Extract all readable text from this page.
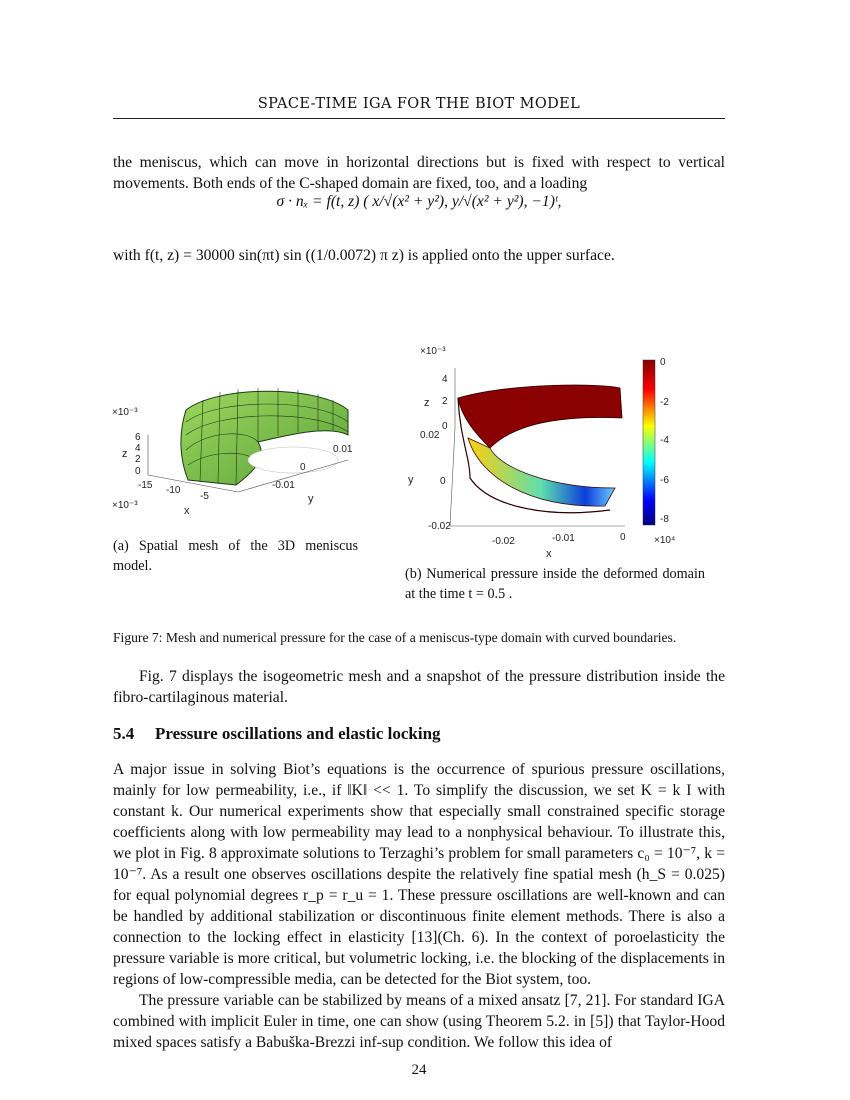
SPACE-TIME IGA FOR THE BIOT MODEL
the meniscus, which can move in horizontal directions but is fixed with respect to vertical movements. Both ends of the C-shaped domain are fixed, too, and a loading
σ · nₓ = f(t, z) ( x/√(x² + y²), y/√(x² + y²), −1)ᵗ,
with f(t, z) = 30000 sin(πt) sin ((1/0.0072) π z) is applied onto the upper surface.
×10⁻³
6
4
2
0
z
-15 -10
-5
×10⁻³	x
-0.01
0
0.01
y
(a) Spatial mesh of the 3D meniscus model.
0
-2
-4
-6
-8
×10⁴
×10⁻³
4
2
0
z
0.02
0
-0.02
y
-0.02	-0.01	0
x
(b) Numerical pressure inside the deformed domain at the time t = 0.5 .
Figure 7: Mesh and numerical pressure for the case of a meniscus-type domain with curved boundaries.
Fig. 7 displays the isogeometric mesh and a snapshot of the pressure distribution inside the fibro-cartilaginous material.
5.4 Pressure oscillations and elastic locking
A major issue in solving Biot’s equations is the occurrence of spurious pressure oscillations, mainly for low permeability, i.e., if ‖K‖ << 1. To simplify the discussion, we set K = k I with constant k. Our numerical experiments show that especially small constrained specific storage coefficients along with low permeability may lead to a nonphysical behaviour. To illustrate this, we plot in Fig. 8 approximate solutions to Terzaghi’s problem for small parameters c₀ = 10⁻⁷, k = 10⁻⁷. As a result one observes oscillations despite the relatively fine spatial mesh (h_S = 0.025) for equal polynomial degrees r_p = r_u = 1. These pressure oscillations are well-known and can be handled by additional stabilization or discontinuous finite element methods. There is also a connection to the locking effect in elasticity [13](Ch. 6). In the context of poroelasticity the pressure variable is more critical, but volumetric locking, i.e. the blocking of the displacements in regions of low-compressible media, can be detected for the Biot system, too.
The pressure variable can be stabilized by means of a mixed ansatz [7, 21]. For standard IGA combined with implicit Euler in time, one can show (using Theorem 5.2. in [5]) that Taylor-Hood mixed spaces satisfy a Babuška-Brezzi inf-sup condition. We follow this idea of
24
